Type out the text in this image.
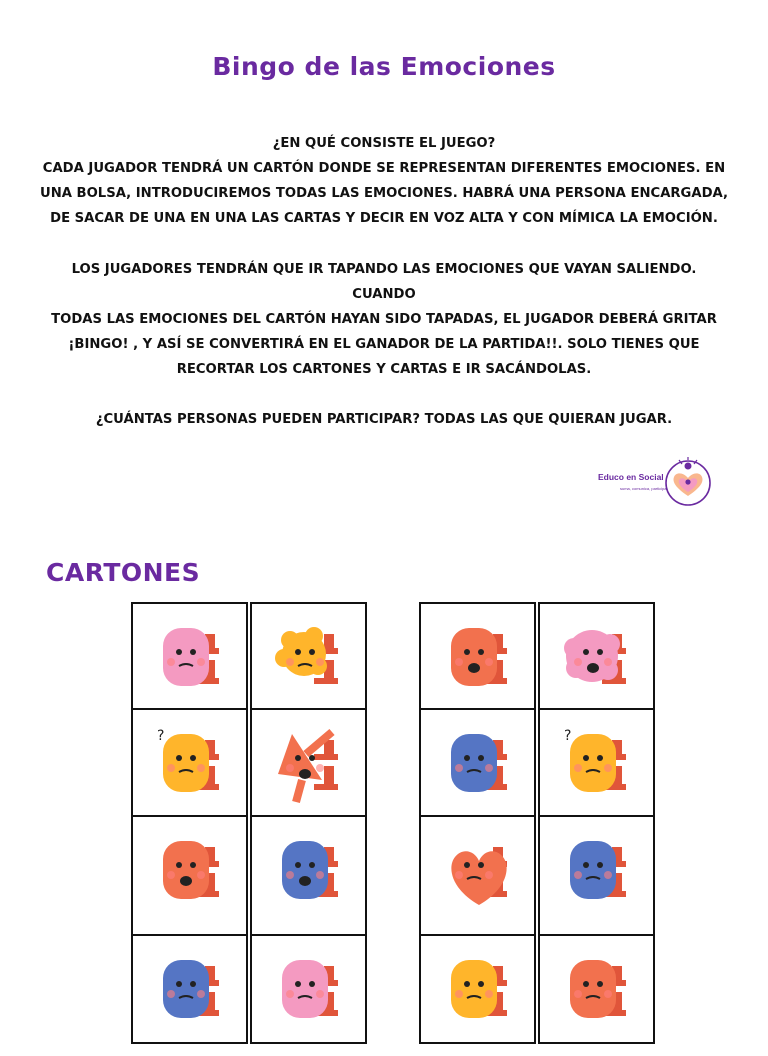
Bingo de las Emociones

¿EN QUÉ CONSISTE EL JUEGO?

CADA JUGADOR TENDRÁ UN CARTÓN DONDE SE REPRESENTAN DIFERENTES EMOCIONES. EN

UNA BOLSA, INTRODUCIREMOS TODAS LAS EMOCIONES. HABRÁ UNA PERSONA ENCARGADA,

DE SACAR DE UNA EN UNA LAS CARTAS Y DECIR EN VOZ ALTA Y CON MÍMICA LA EMOCIÓN.

LOS JUGADORES TENDRÁN QUE IR TAPANDO LAS EMOCIONES QUE VAYAN SALIENDO. CUANDO

TODAS LAS EMOCIONES DEL CARTÓN HAYAN SIDO TAPADAS, EL JUGADOR DEBERÁ GRITAR

¡BINGO! , Y ASÍ SE CONVERTIRÁ EN EL GANADOR DE LA PARTIDA!!. SOLO TIENES QUE

RECORTAR LOS CARTONES Y CARTAS E IR SACÁNDOLAS.

¿CUÁNTAS PERSONAS PUEDEN PARTICIPAR? TODAS LAS QUE QUIERAN JUGAR.

Educo en Social
suma, comunica, participa
CARTONES
?	?
